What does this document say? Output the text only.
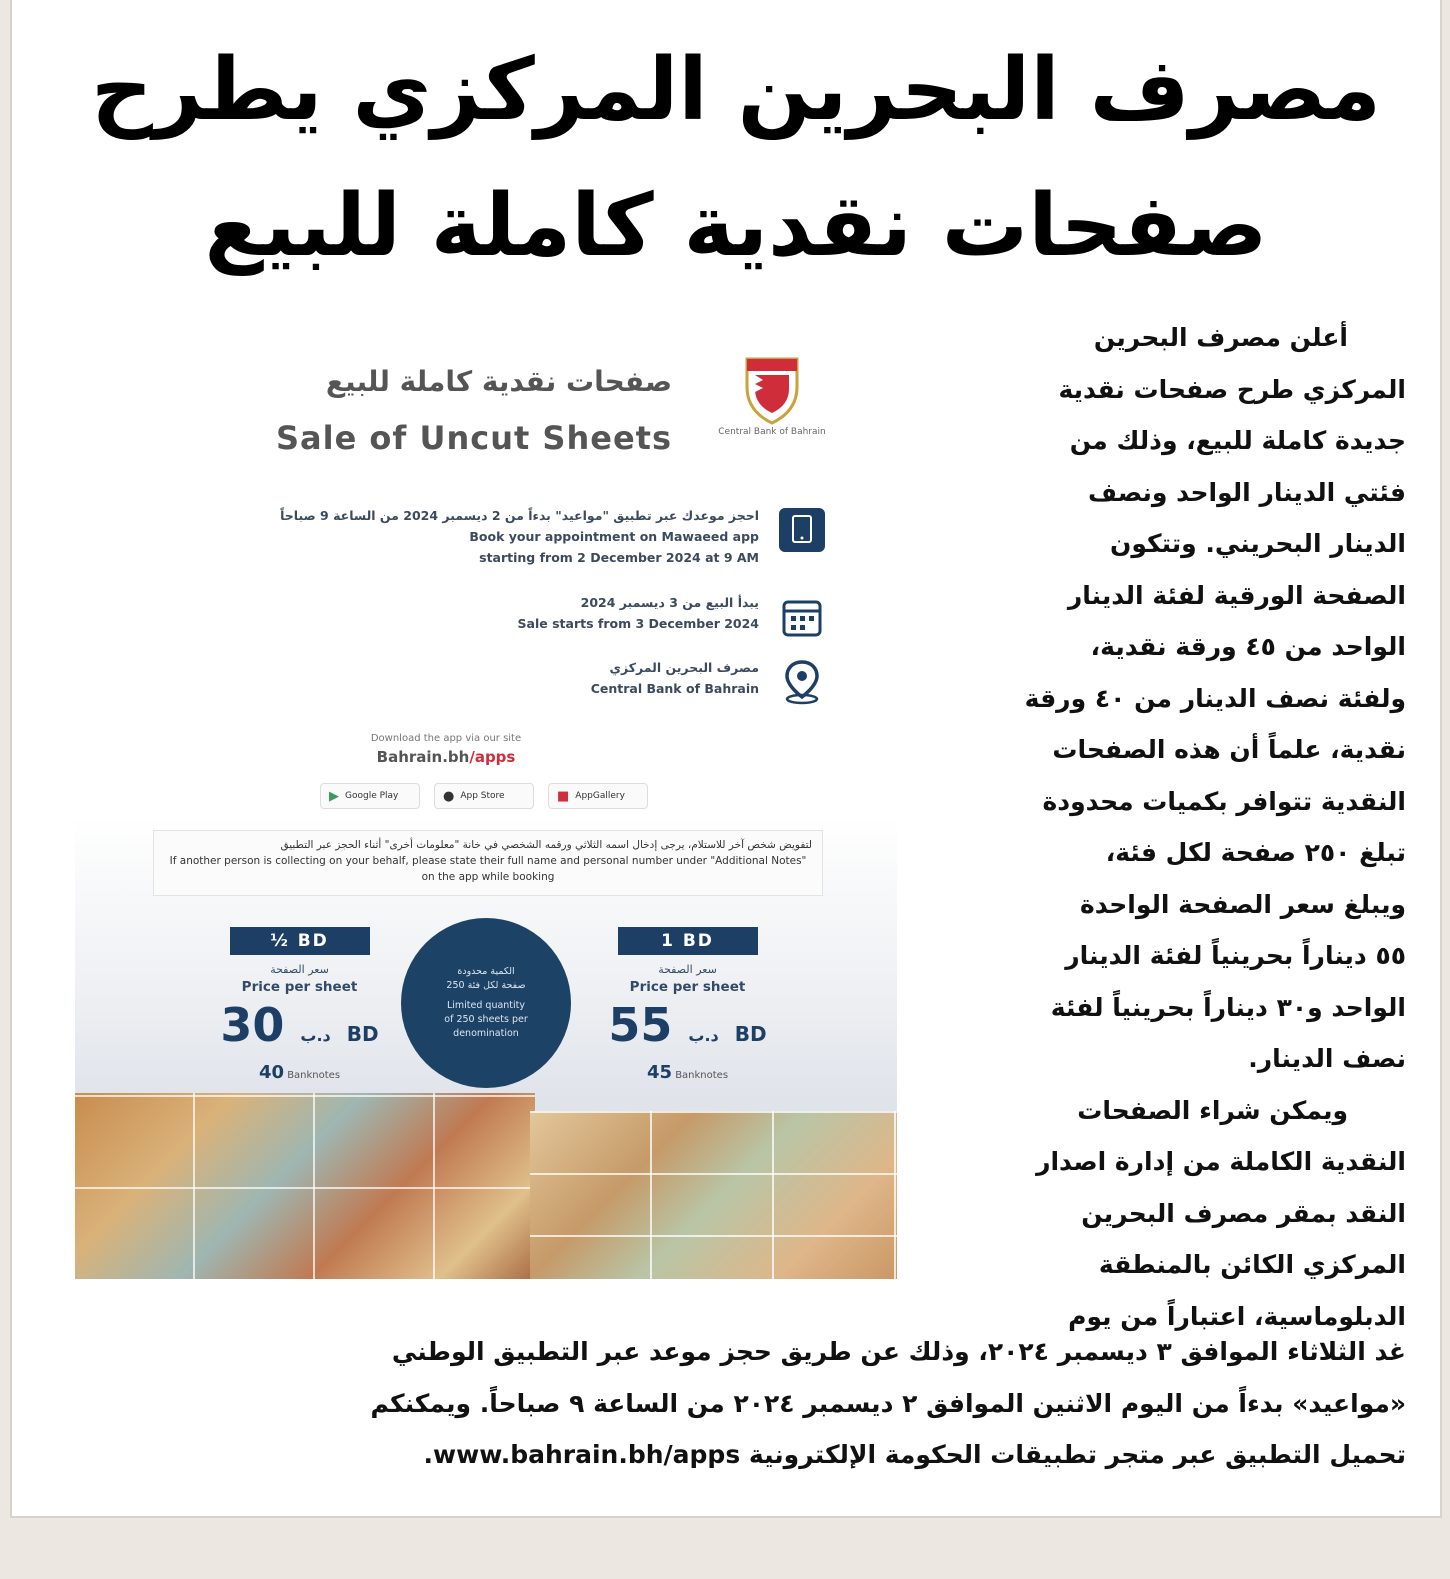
مصرف البحرين المركزي يطرح
صفحات نقدية كاملة للبيع
Central Bank of Bahrain
صفحات نقدية كاملة للبيع
Sale of Uncut Sheets
احجز موعدك عبر تطبيق "مواعيد" بدءاً من 2 ديسمبر 2024 من الساعة 9 صباحاً
Book your appointment on Mawaeed app
starting from 2 December 2024 at 9 AM
يبدأ البيع من 3 ديسمبر 2024
Sale starts from 3 December 2024
مصرف البحرين المركزي
Central Bank of Bahrain
Download the app via our site
Bahrain.bh/apps
▶ Google Play	● App Store	■ AppGallery
لتفويض شخص آخر للاستلام، يرجى إدخال اسمه الثلاثي ورقمه الشخصي في خانة "معلومات أخرى" أثناء الحجز عبر التطبيق
If another person is collecting on your behalf, please state their full name and personal number under "Additional Notes" on the app while booking
½ BD
سعر الصفحة
Price per sheet
د.ب 30	BD
40 Banknotes
الكمية محدودة
250 صفحة لكل فئة
Limited quantity
of 250 sheets per
denomination
1 BD
سعر الصفحة
Price per sheet
د.ب 55	BD
45 Banknotes
أعلن مصرف البحرين
المركزي طرح صفحات نقدية
جديدة كاملة للبيع، وذلك من
فئتي الدينار الواحد ونصف
الدينار البحريني. وتتكون
الصفحة الورقية لفئة الدينار
الواحد من ٤٥ ورقة نقدية،
ولفئة نصف الدينار من ٤٠ ورقة
نقدية، علماً أن هذه الصفحات
النقدية تتوافر بكميات محدودة
تبلغ ٢٥٠ صفحة لكل فئة،
ويبلغ سعر الصفحة الواحدة
٥٥ ديناراً بحرينياً لفئة الدينار
الواحد و٣٠ ديناراً بحرينياً لفئة
نصف الدينار.
ويمكن شراء الصفحات
النقدية الكاملة من إدارة اصدار
النقد بمقر مصرف البحرين
المركزي الكائن بالمنطقة
الدبلوماسية، اعتباراً من يوم
غد الثلاثاء الموافق ٣ ديسمبر ٢٠٢٤، وذلك عن طريق حجز موعد عبر التطبيق الوطني
«مواعيد» بدءاً من اليوم الاثنين الموافق ٢ ديسمبر ٢٠٢٤ من الساعة ٩ صباحاً. ويمكنكم
تحميل التطبيق عبر متجر تطبيقات الحكومة الإلكترونية www.bahrain.bh/apps.
